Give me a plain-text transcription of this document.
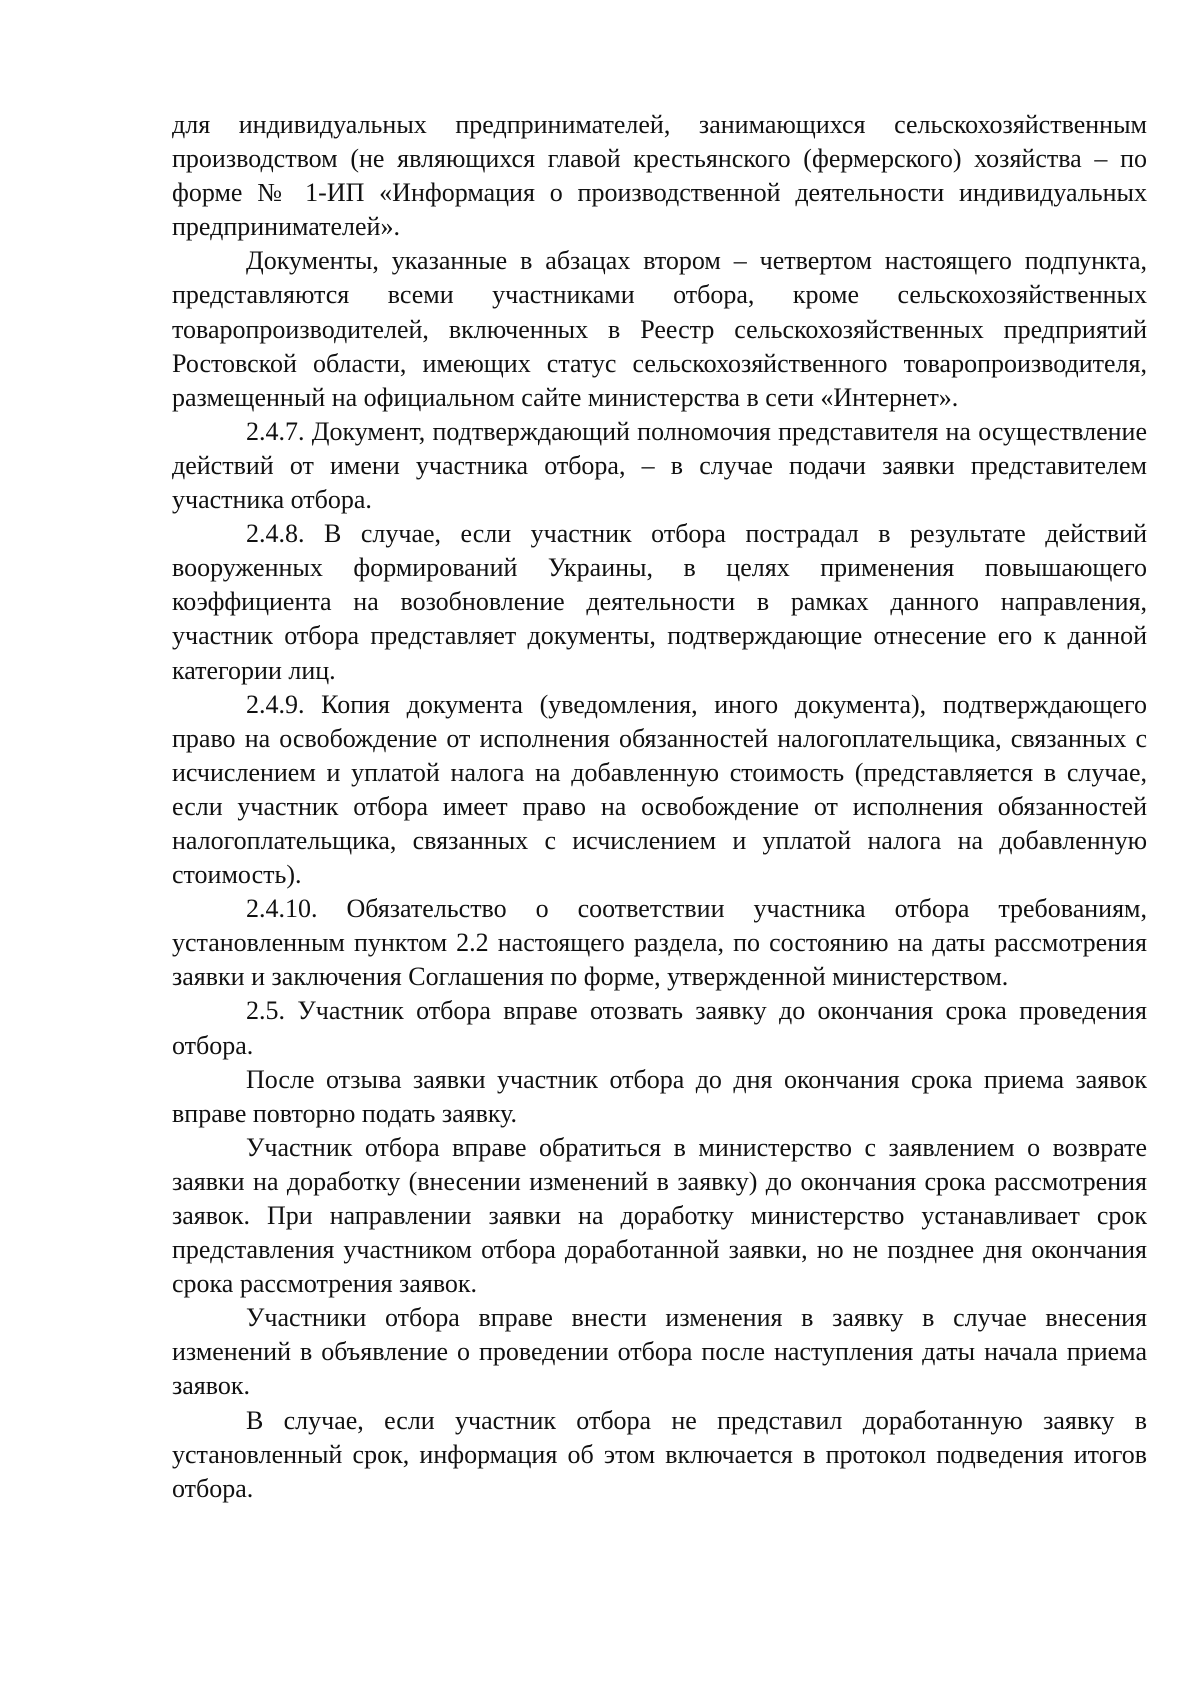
для индивидуальных предпринимателей, занимающихся сельскохозяйственным производством (не являющихся главой крестьянского (фермерского) хозяйства – по форме № 1-ИП «Информация о производственной деятельности индивидуальных предпринимателей».

Документы, указанные в абзацах втором – четвертом настоящего подпункта, представляются всеми участниками отбора, кроме сельскохозяйственных товаропроизводителей, включенных в Реестр сельскохозяйственных предприятий Ростовской области, имеющих статус сельскохозяйственного товаропроизводителя, размещенный на официальном сайте министерства в сети «Интернет».

2.4.7. Документ, подтверждающий полномочия представителя на осуществление действий от имени участника отбора, – в случае подачи заявки представителем участника отбора.

2.4.8. В случае, если участник отбора пострадал в результате действий вооруженных формирований Украины, в целях применения повышающего коэффициента на возобновление деятельности в рамках данного направления, участник отбора представляет документы, подтверждающие отнесение его к данной категории лиц.

2.4.9. Копия документа (уведомления, иного документа), подтверждающего право на освобождение от исполнения обязанностей налогоплательщика, связанных с исчислением и уплатой налога на добавленную стоимость (представляется в случае, если участник отбора имеет право на освобождение от исполнения обязанностей налогоплательщика, связанных с исчислением и уплатой налога на добавленную стоимость).

2.4.10. Обязательство о соответствии участника отбора требованиям, установленным пунктом 2.2 настоящего раздела, по состоянию на даты рассмотрения заявки и заключения Соглашения по форме, утвержденной министерством.

2.5. Участник отбора вправе отозвать заявку до окончания срока проведения отбора.

После отзыва заявки участник отбора до дня окончания срока приема заявок вправе повторно подать заявку.

Участник отбора вправе обратиться в министерство с заявлением о возврате заявки на доработку (внесении изменений в заявку) до окончания срока рассмотрения заявок. При направлении заявки на доработку министерство устанавливает срок представления участником отбора доработанной заявки, но не позднее дня окончания срока рассмотрения заявок.

Участники отбора вправе внести изменения в заявку в случае внесения изменений в объявление о проведении отбора после наступления даты начала приема заявок.

В случае, если участник отбора не представил доработанную заявку в установленный срок, информация об этом включается в протокол подведения итогов отбора.
